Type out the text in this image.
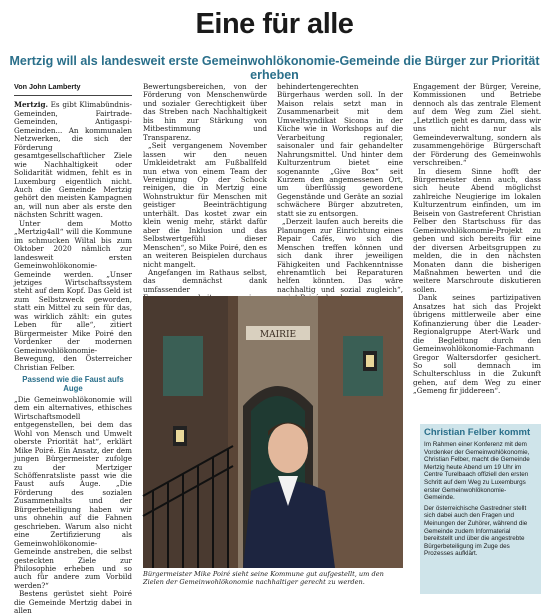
Eine für alle
Mertzig will als landesweit erste Gemeinwohlökonomie-Gemeinde die Bürger zur Priorität erheben
Von John Lamberty

Mertzig. Es gibt Klimabündnis-Gemeinden, Fairtrade-Gemeinden, Antigaspi-Gemeinden... An kommunalen Netzwerken, die sich der Förderung gesamtgesellschaftlicher Ziele wie Nachhaltigkeit oder Solidarität widmen, fehlt es in Luxemburg eigentlich nicht. Auch die Gemeinde Mertzig gehört den meisten Kampagnen an, will nun aber als erste den nächsten Schritt wagen.

Unter dem Motto „Mertzig4all“ will die Kommune im schmucken Wiltal bis zum Oktober 2020 nämlich zur landesweit ersten Gemeinwohlökonomie-Gemeinde werden. „Unser jetziges Wirtschaftssystem steht auf dem Kopf. Das Geld ist zum Selbstzweck geworden, statt ein Mittel zu sein für das, was wirklich zählt: ein gutes Leben für alle“, zitiert Bürgermeister Mike Poiré den Vordenker der modernen Gemeinwohlökonomie-Bewegung, den Österreicher Christian Felber.

Passend wie die Faust aufs Auge

„Die Gemeinwohlökonomie will dem ein alternatives, ethisches Wirtschaftsmodell entgegenstellen, bei dem das Wohl von Mensch und Umwelt oberste Priorität hat“, erklärt Mike Poiré. Ein Ansatz, der dem jungen Bürgermeister zufolge zu der Mertziger Schöffenratsliste passt wie die Faust aufs Auge. „Die Förderung des sozialen Zusammenhalts und der Bürgerbeteiligung haben wir uns ohnehin auf die Fahnen geschrieben. Warum also nicht eine Zertifizierung als Gemeinwohlökonomie-Gemeinde anstreben, die selbst gesteckten Ziele zur Philosophie erheben und so auch für andere zum Vorbild werden?“

Bestens gerüstet sieht Poiré die Gemeinde Mertzig dabei in allen

Bewertungsbereichen, von der Förderung von Menschenwürde und sozialer Gerechtigkeit über das Streben nach Nachhaltigkeit bis hin zur Stärkung von Mitbestimmung und Transparenz.

„Seit vergangenem November lassen wir den neuen Umkleidetrakt am Fußballfeld nun etwa von einem Team der Vereinigung Op der Schock reinigen, die in Mertzig eine Wohnstruktur für Menschen mit geistiger Beeinträchtigung unterhält. Das kostet zwar ein klein wenig mehr, stärkt dafür aber die Inklusion und das Selbstwertgefühl dieser Menschen“, so Mike Poiré, den es an weiteren Beispielen durchaus nicht mangelt.

Angefangen im Rathaus selbst, das demnächst dank umfassender

behindertengerechten Bürgerhaus werden soll. In der Maison relais setzt man in Zusammenarbeit mit dem Umweltsyndikat Sicona in der Küche wie in Workshops auf die Verarbeitung regionaler, saisonaler und fair gehandelter Nahrungsmittel. Und hinter dem Kulturzentrum bietet eine sogenannte „Give Box“ seit Kurzem den angemessenen Ort, um überflüssig gewordene Gegenstände und Geräte an sozial schwächere Bürger abzutreten, statt sie zu entsorgen.

„Derzeit laufen auch bereits die Planungen zur Einrichtung eines Repair Cafés, wo sich die Menschen treffen können und sich dank ihrer jeweiligen Fähigkeiten und Fachkenntnisse ehrenamtlich bei Reparaturen helfen könnten. Das wäre nachhaltig und sozial zugleich“,

Engagement der Bürger, Vereine, Kommissionen und Betriebe dennoch als das zentrale Element auf dem Weg zum Ziel sieht. „Letztlich geht es darum, dass wir uns nicht nur als Gemeindeverwaltung, sondern als zusammengehörige Bürgerschaft der Förderung des Gemeinwohls verschreiben.“

In diesem Sinne hofft der Bürgermeister denn auch, dass sich heute Abend möglichst zahlreiche Neugierige im lokalen Kulturzentrum einfinden, um im Beisein von Gastreferent Christian Felber den Startschuss für das Gemeinwohlökonomie-Projekt zu geben und sich bereits für eine der diversen Arbeitsgruppen zu melden, die in den nächsten Monaten dann die bisherigen Maßnahmen bewerten und die weitere Marschroute diskutieren sollen.

Dank seines partizipativen Ansatzes hat sich das Projekt übrigens mittlerweile aber eine Kofinanzierung über die Leader-Regionalgruppe Atert-Wark und die Begleitung durch den Gemeinwohlökonomie-Fachmann Gregor Waltersdorfer gesichert. So soll demnach im Schulterschluss in die Zukunft gehen, auf dem Weg zu einer „Gemeng fir jiddereen“.

MAIRIE
Bürgermeister Mike Poiré sieht seine Kommune gut aufgestellt, um den Zielen der Gemeinwohlökonomie nachhaltiger gerecht zu werden.
Christian Felber kommt

Im Rahmen einer Konferenz mit dem Vordenker der Gemeinwohlökonomie, Christian Felber, macht die Gemeinde Mertzig heute Abend um 19 Uhr im Centre Turelbaach offiziell den ersten Schritt auf dem Weg zu Luxemburgs erster Gemeinwohlökonomie-Gemeinde.

Der österreichische Gastredner stellt sich dabei auch den Fragen und Meinungen der Zuhörer, während die Gemeinde zudem Informaterial bereitstellt und über die angestrebte Bürgerbeteiligung im Zuge des Prozesses aufklärt.
